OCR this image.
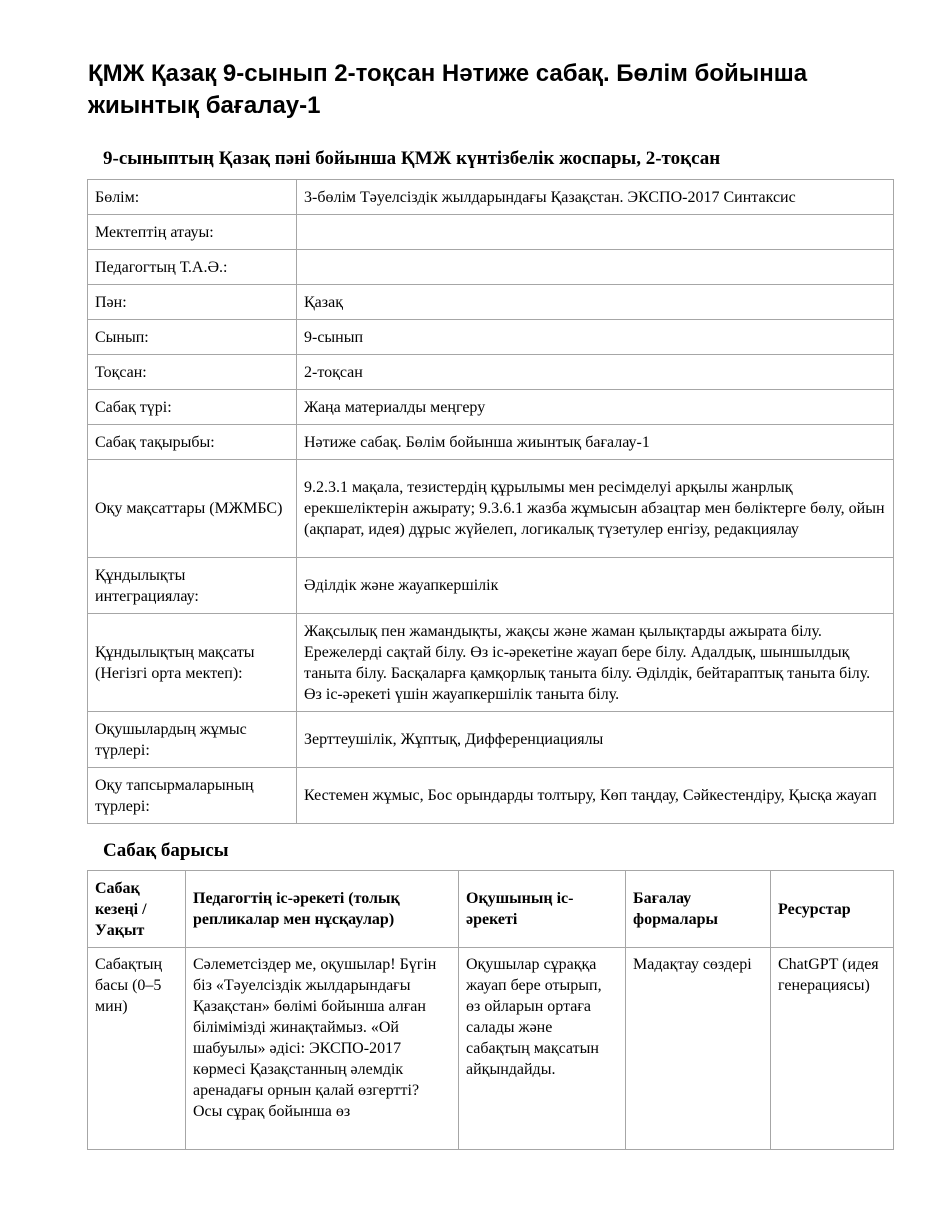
ҚМЖ Қазақ 9-сынып 2-тоқсан Нәтиже сабақ. Бөлім бойынша жиынтық бағалау-1
9-сыныптың Қазақ пәні бойынша ҚМЖ күнтізбелік жоспары, 2-тоқсан
Бөлім:	3-бөлім Тәуелсіздік жылдарындағы Қазақстан. ЭКСПО-2017 Синтаксис
Мектептің атауы:	
Педагогтың Т.А.Ә.:	
Пән:	Қазақ
Сынып:	9-сынып
Тоқсан:	2-тоқсан
Сабақ түрі:	Жаңа материалды меңгеру
Сабақ тақырыбы:	Нәтиже сабақ. Бөлім бойынша жиынтық бағалау-1
Оқу мақсаттары (МЖМБС)	9.2.3.1 мақала, тезистердің құрылымы мен ресімделуі арқылы жанрлық ерекшеліктерін ажырату; 9.3.6.1 жазба жұмысын абзацтар мен бөліктерге бөлу, ойын (ақпарат, идея) дұрыс жүйелеп, логикалық түзетулер енгізу, редакциялау
Құндылықты интеграциялау:	Әділдік және жауапкершілік
Құндылықтың мақсаты (Негізгі орта мектеп):	Жақсылық пен жамандықты, жақсы және жаман қылықтарды ажырата білу. Ережелерді сақтай білу. Өз іс-әрекетіне жауап бере білу. Адалдық, шыншылдық таныта білу. Басқаларға қамқорлық таныта білу. Әділдік, бейтараптық таныта білу. Өз іс-әрекеті үшін жауапкершілік таныта білу.
Оқушылардың жұмыс түрлері:	Зерттеушілік, Жұптық, Дифференциациялы
Оқу тапсырмаларының түрлері:	Кестемен жұмыс, Бос орындарды толтыру, Көп таңдау, Сәйкестендіру, Қысқа жауап
Сабақ барысы
Сабақ кезеңі / Уақыт	Педагогтің іс-әрекеті (толық репликалар мен нұсқаулар)	Оқушының іс-әрекеті	Бағалау формалары	Ресурстар

Сабақтың басы (0–5 мин)	Сәлеметсіздер ме, оқушылар! Бүгін біз «Тәуелсіздік жылдарындағы Қазақстан» бөлімі бойынша алған білімімізді жинақтаймыз. «Ой шабуылы» әдісі: ЭКСПО-2017 көрмесі Қазақстанның әлемдік аренадағы орнын қалай өзгертті? Осы сұрақ бойынша өз	Оқушылар сұраққа жауап бере отырып, өз ойларын ортаға салады және сабақтың мақсатын айқындайды.	Мадақтау сөздері	ChatGPT (идея генерациясы)
